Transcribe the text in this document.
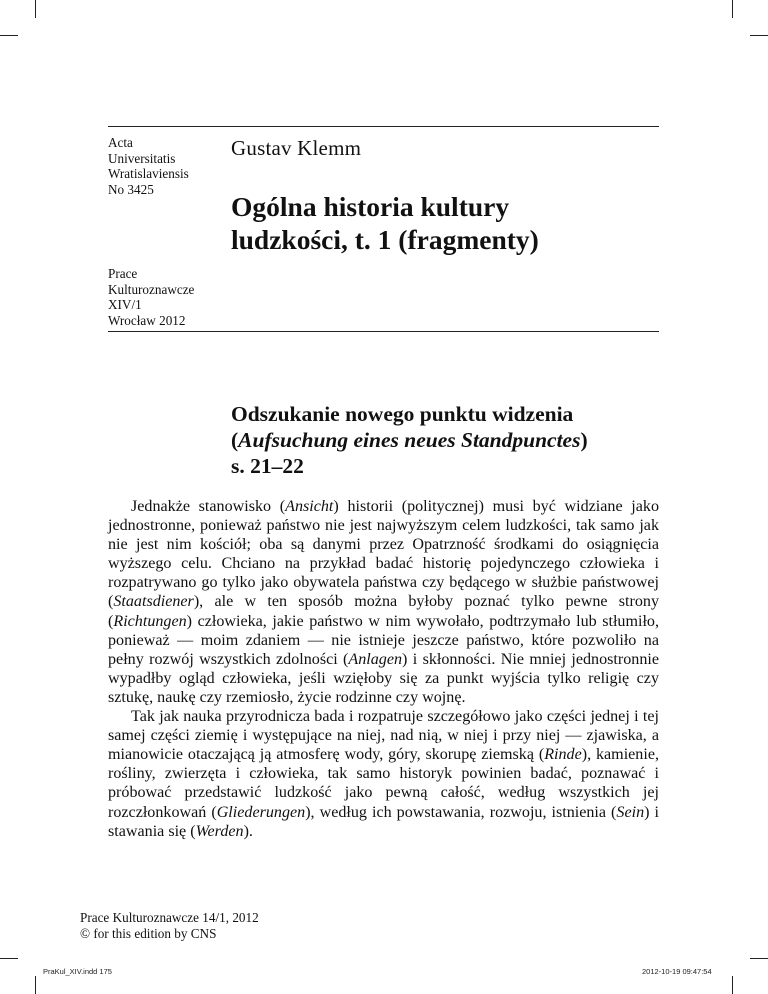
Acta
Universitatis
Wratislaviensis
No 3425
Prace
Kulturoznawcze
XIV/1
Wrocław 2012
Gustav Klemm
Ogólna historia kultury
ludzkości, t. 1 (fragmenty)
Odszukanie nowego punktu widzenia
(Aufsuchung eines neues Standpunctes)
s. 21–22

Jednakże stanowisko (Ansicht) historii (politycznej) musi być widziane jako jednostronne, ponieważ państwo nie jest najwyższym celem ludzkości, tak samo jak nie jest nim kościół; oba są danymi przez Opatrzność środkami do osiągnięcia wyższego celu. Chciano na przykład badać historię pojedynczego człowieka i rozpatrywano go tylko jako obywatela państwa czy będącego w służbie państwowej (Staatsdiener), ale w ten sposób można byłoby poznać tylko pewne strony (Richtungen) człowieka, jakie państwo w nim wywołało, podtrzymało lub stłumiło, ponieważ — moim zdaniem — nie istnieje jeszcze państwo, które pozwoliło na pełny rozwój wszystkich zdolności (Anlagen) i skłonności. Nie mniej jednostronnie wypadłby ogląd człowieka, jeśli wzięłoby się za punkt wyjścia tylko religię czy sztukę, naukę czy rzemiosło, życie rodzinne czy wojnę.

Tak jak nauka przyrodnicza bada i rozpatruje szczegółowo jako części jednej i tej samej części ziemię i występujące na niej, nad nią, w niej i przy niej — zjawiska, a mianowicie otaczającą ją atmosferę wody, góry, skorupę ziemską (Rinde), kamienie, rośliny, zwierzęta i człowieka, tak samo historyk powinien badać, poznawać i próbować przedstawić ludzkość jako pewną całość, według wszystkich jej rozczłonkowań (Gliederungen), według ich powstawania, rozwoju, istnienia (Sein) i stawania się (Werden).

Prace Kulturoznawcze 14/1, 2012
© for this edition by CNS
PraKul_XIV.indd 175	2012-10-19 09:47:54
